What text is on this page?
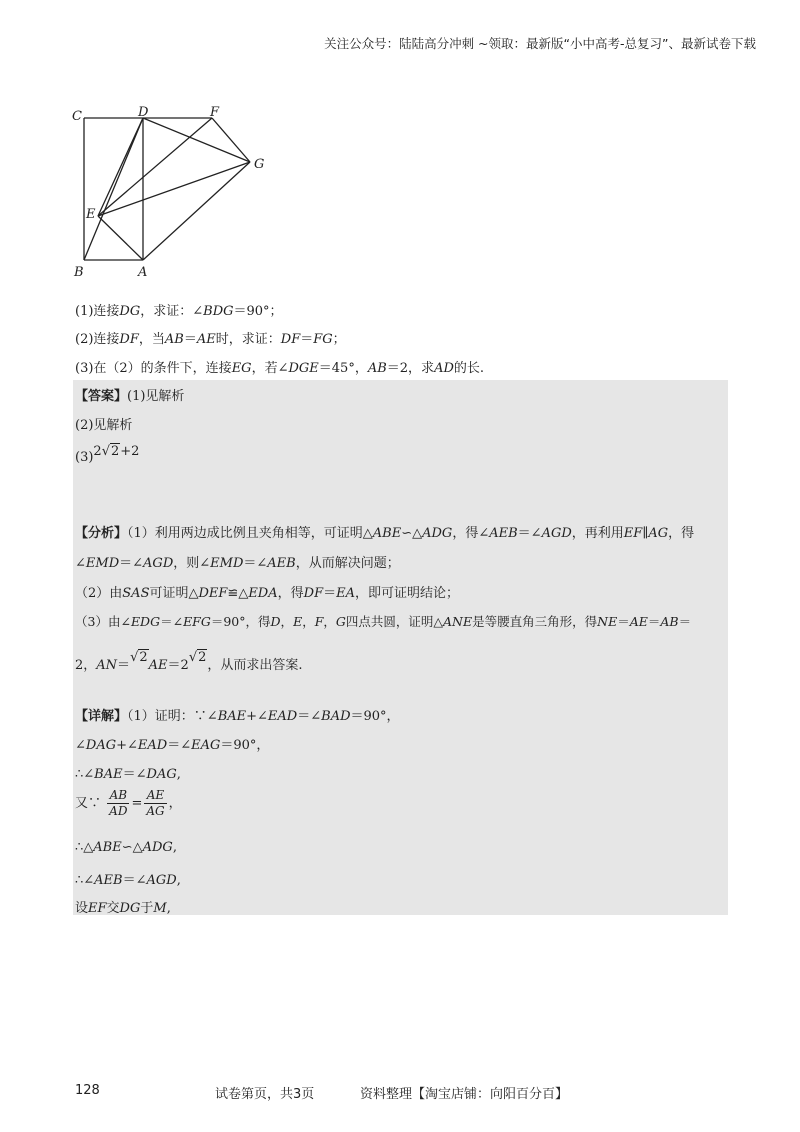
关注公众号：陆陆高分冲刺 ~领取：最新版“小中高考-总复习”、最新试卷下载
C	D	F
G
E
B	A
(1)连接DG，求证：∠BDG＝90°；
(2)连接DF，当AB＝AE时，求证：DF＝FG；
(3)在（2）的条件下，连接EG，若∠DGE＝45°，AB＝2，求AD的长.
【答案】(1)见解析
(2)见解析
(3)2√2+2
【分析】（1）利用两边成比例且夹角相等，可证明△ABE∽△ADG，得∠AEB＝∠AGD，再利用EF∥AG，得
∠EMD＝∠AGD，则∠EMD＝∠AEB，从而解决问题；
（2）由SAS可证明△DEF≌△EDA，得DF＝EA，即可证明结论；
（3）由∠EDG＝∠EFG＝90°，得D，E，F，G四点共圆，证明△ANE是等腰直角三角形，得NE＝AE＝AB＝
2，AN＝√2AE＝2√2，从而求出答案.
【详解】（1）证明：∵∠BAE+∠EAD＝∠BAD＝90°，
∠DAG+∠EAD＝∠EAG＝90°，
∴∠BAE＝∠DAG,
又∵ $\frac{AB}{AD} = \frac{AE}{AG}$ ，
∴△ABE∽△ADG,
∴∠AEB＝∠AGD,
设EF交DG于M,
128	试卷第页，共3页	资料整理【淘宝店铺：向阳百分百】
